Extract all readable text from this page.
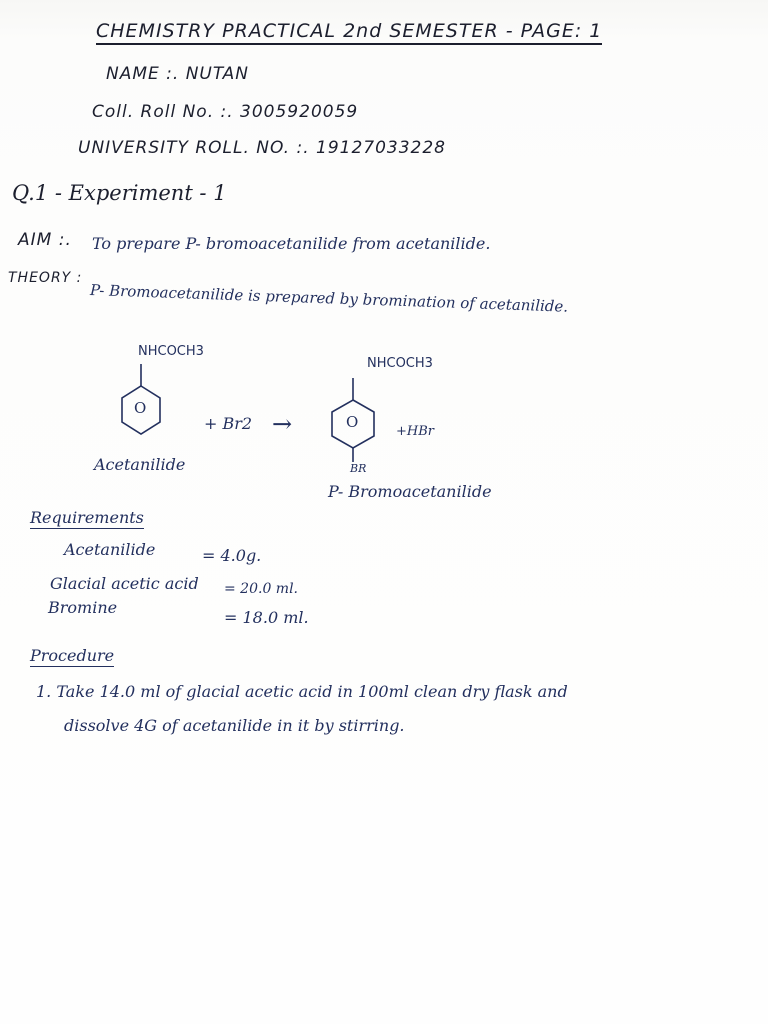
CHEMISTRY PRACTICAL 2nd SEMESTER - PAGE: 1
NAME :. NUTAN
Coll. Roll No. :. 3005920059
UNIVERSITY ROLL. NO. :. 19127033228
Q.1 - Experiment - 1
AIM :. To prepare P- bromoacetanilide from acetanilide.
THEORY :
P- Bromoacetanilide is prepared by bromination of acetanilide.
NHCOCH3
O
+ Br2 →
NHCOCH3
O
+HBr
BR
Acetanilide
P- Bromoacetanilide
Requirements
Acetanilide	= 4.0g.
Glacial acetic acid = 20.0 ml.
Bromine
= 18.0 ml.
Procedure
1. Take 14.0 ml of glacial acetic acid in 100ml clean dry flask and
dissolve 4G of acetanilide in it by stirring.
